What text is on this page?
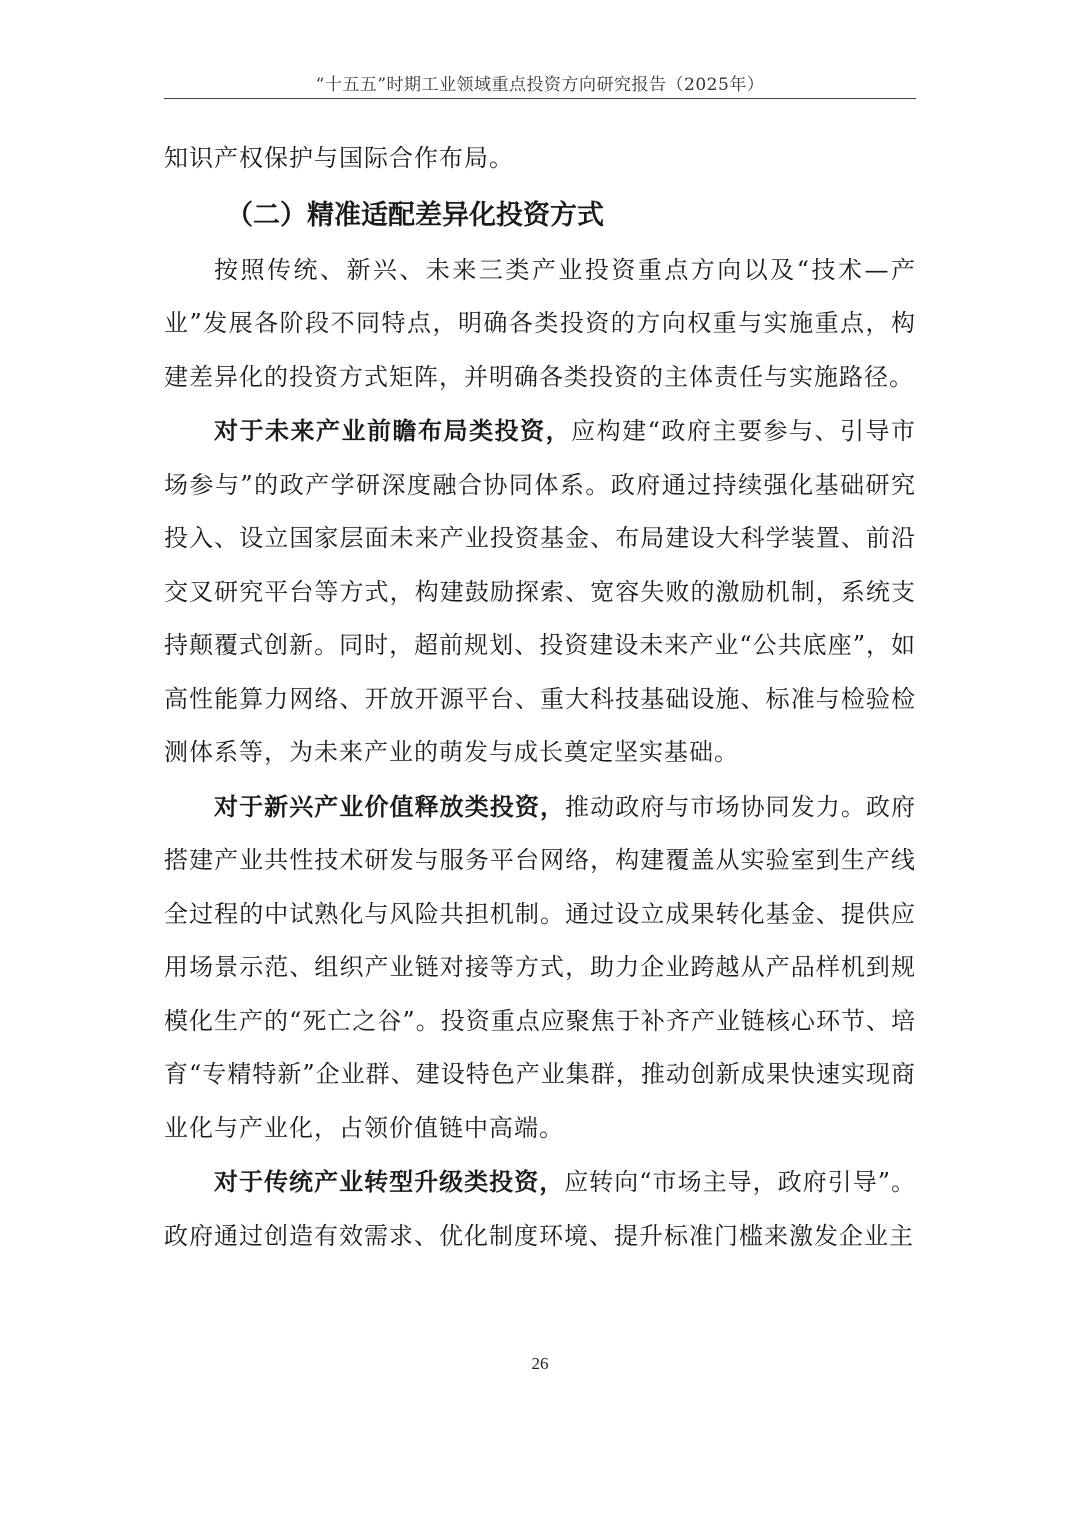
“十五五”时期工业领域重点投资方向研究报告（2025年）

知识产权保护与国际合作布局。

（二）精准适配差异化投资方式

按照传统、新兴、未来三类产业投资重点方向以及“技术—产业”发展各阶段不同特点，明确各类投资的方向权重与实施重点，构建差异化的投资方式矩阵，并明确各类投资的主体责任与实施路径。

对于未来产业前瞻布局类投资，应构建“政府主要参与、引导市场参与”的政产学研深度融合协同体系。政府通过持续强化基础研究投入、设立国家层面未来产业投资基金、布局建设大科学装置、前沿交叉研究平台等方式，构建鼓励探索、宽容失败的激励机制，系统支持颠覆式创新。同时，超前规划、投资建设未来产业“公共底座”，如高性能算力网络、开放开源平台、重大科技基础设施、标准与检验检测体系等，为未来产业的萌发与成长奠定坚实基础。

对于新兴产业价值释放类投资，推动政府与市场协同发力。政府搭建产业共性技术研发与服务平台网络，构建覆盖从实验室到生产线全过程的中试熟化与风险共担机制。通过设立成果转化基金、提供应用场景示范、组织产业链对接等方式，助力企业跨越从产品样机到规模化生产的“死亡之谷”。投资重点应聚焦于补齐产业链核心环节、培育“专精特新”企业群、建设特色产业集群，推动创新成果快速实现商业化与产业化，占领价值链中高端。

对于传统产业转型升级类投资，应转向“市场主导，政府引导”。政府通过创造有效需求、优化制度环境、提升标准门槛来激发企业主

26
